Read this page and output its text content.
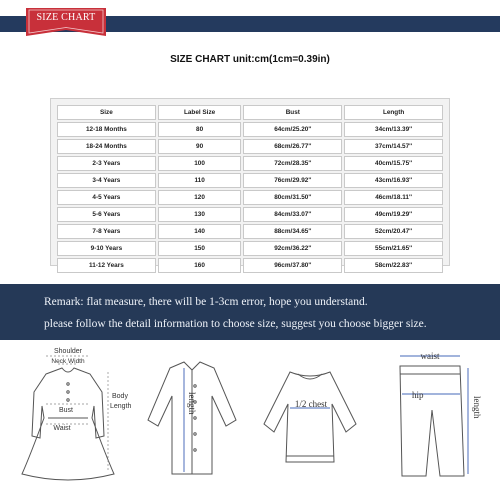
SIZE CHART
SIZE CHART unit:cm(1cm=0.39in)
Size	Label Size	Bust	Length
12-18 Months	80	64cm/25.20''	34cm/13.39''
18-24 Months	90	68cm/26.77''	37cm/14.57''
2-3 Years	100	72cm/28.35''	40cm/15.75''
3-4 Years	110	76cm/29.92''	43cm/16.93''
4-5 Years	120	80cm/31.50''	46cm/18.11''
5-6 Years	130	84cm/33.07''	49cm/19.29''
7-8 Years	140	88cm/34.65''	52cm/20.47''
9-10 Years	150	92cm/36.22''	55cm/21.65''
11-12 Years	160	96cm/37.80''	58cm/22.83''
Remark: flat measure, there will be 1-3cm error, hope you understand.
please follow the detail information to choose size, suggest you choose bigger size.
Shoulder
Neck Width
Bust
Waist
Body
Length	length	1/2 chest
waist
hip
length
